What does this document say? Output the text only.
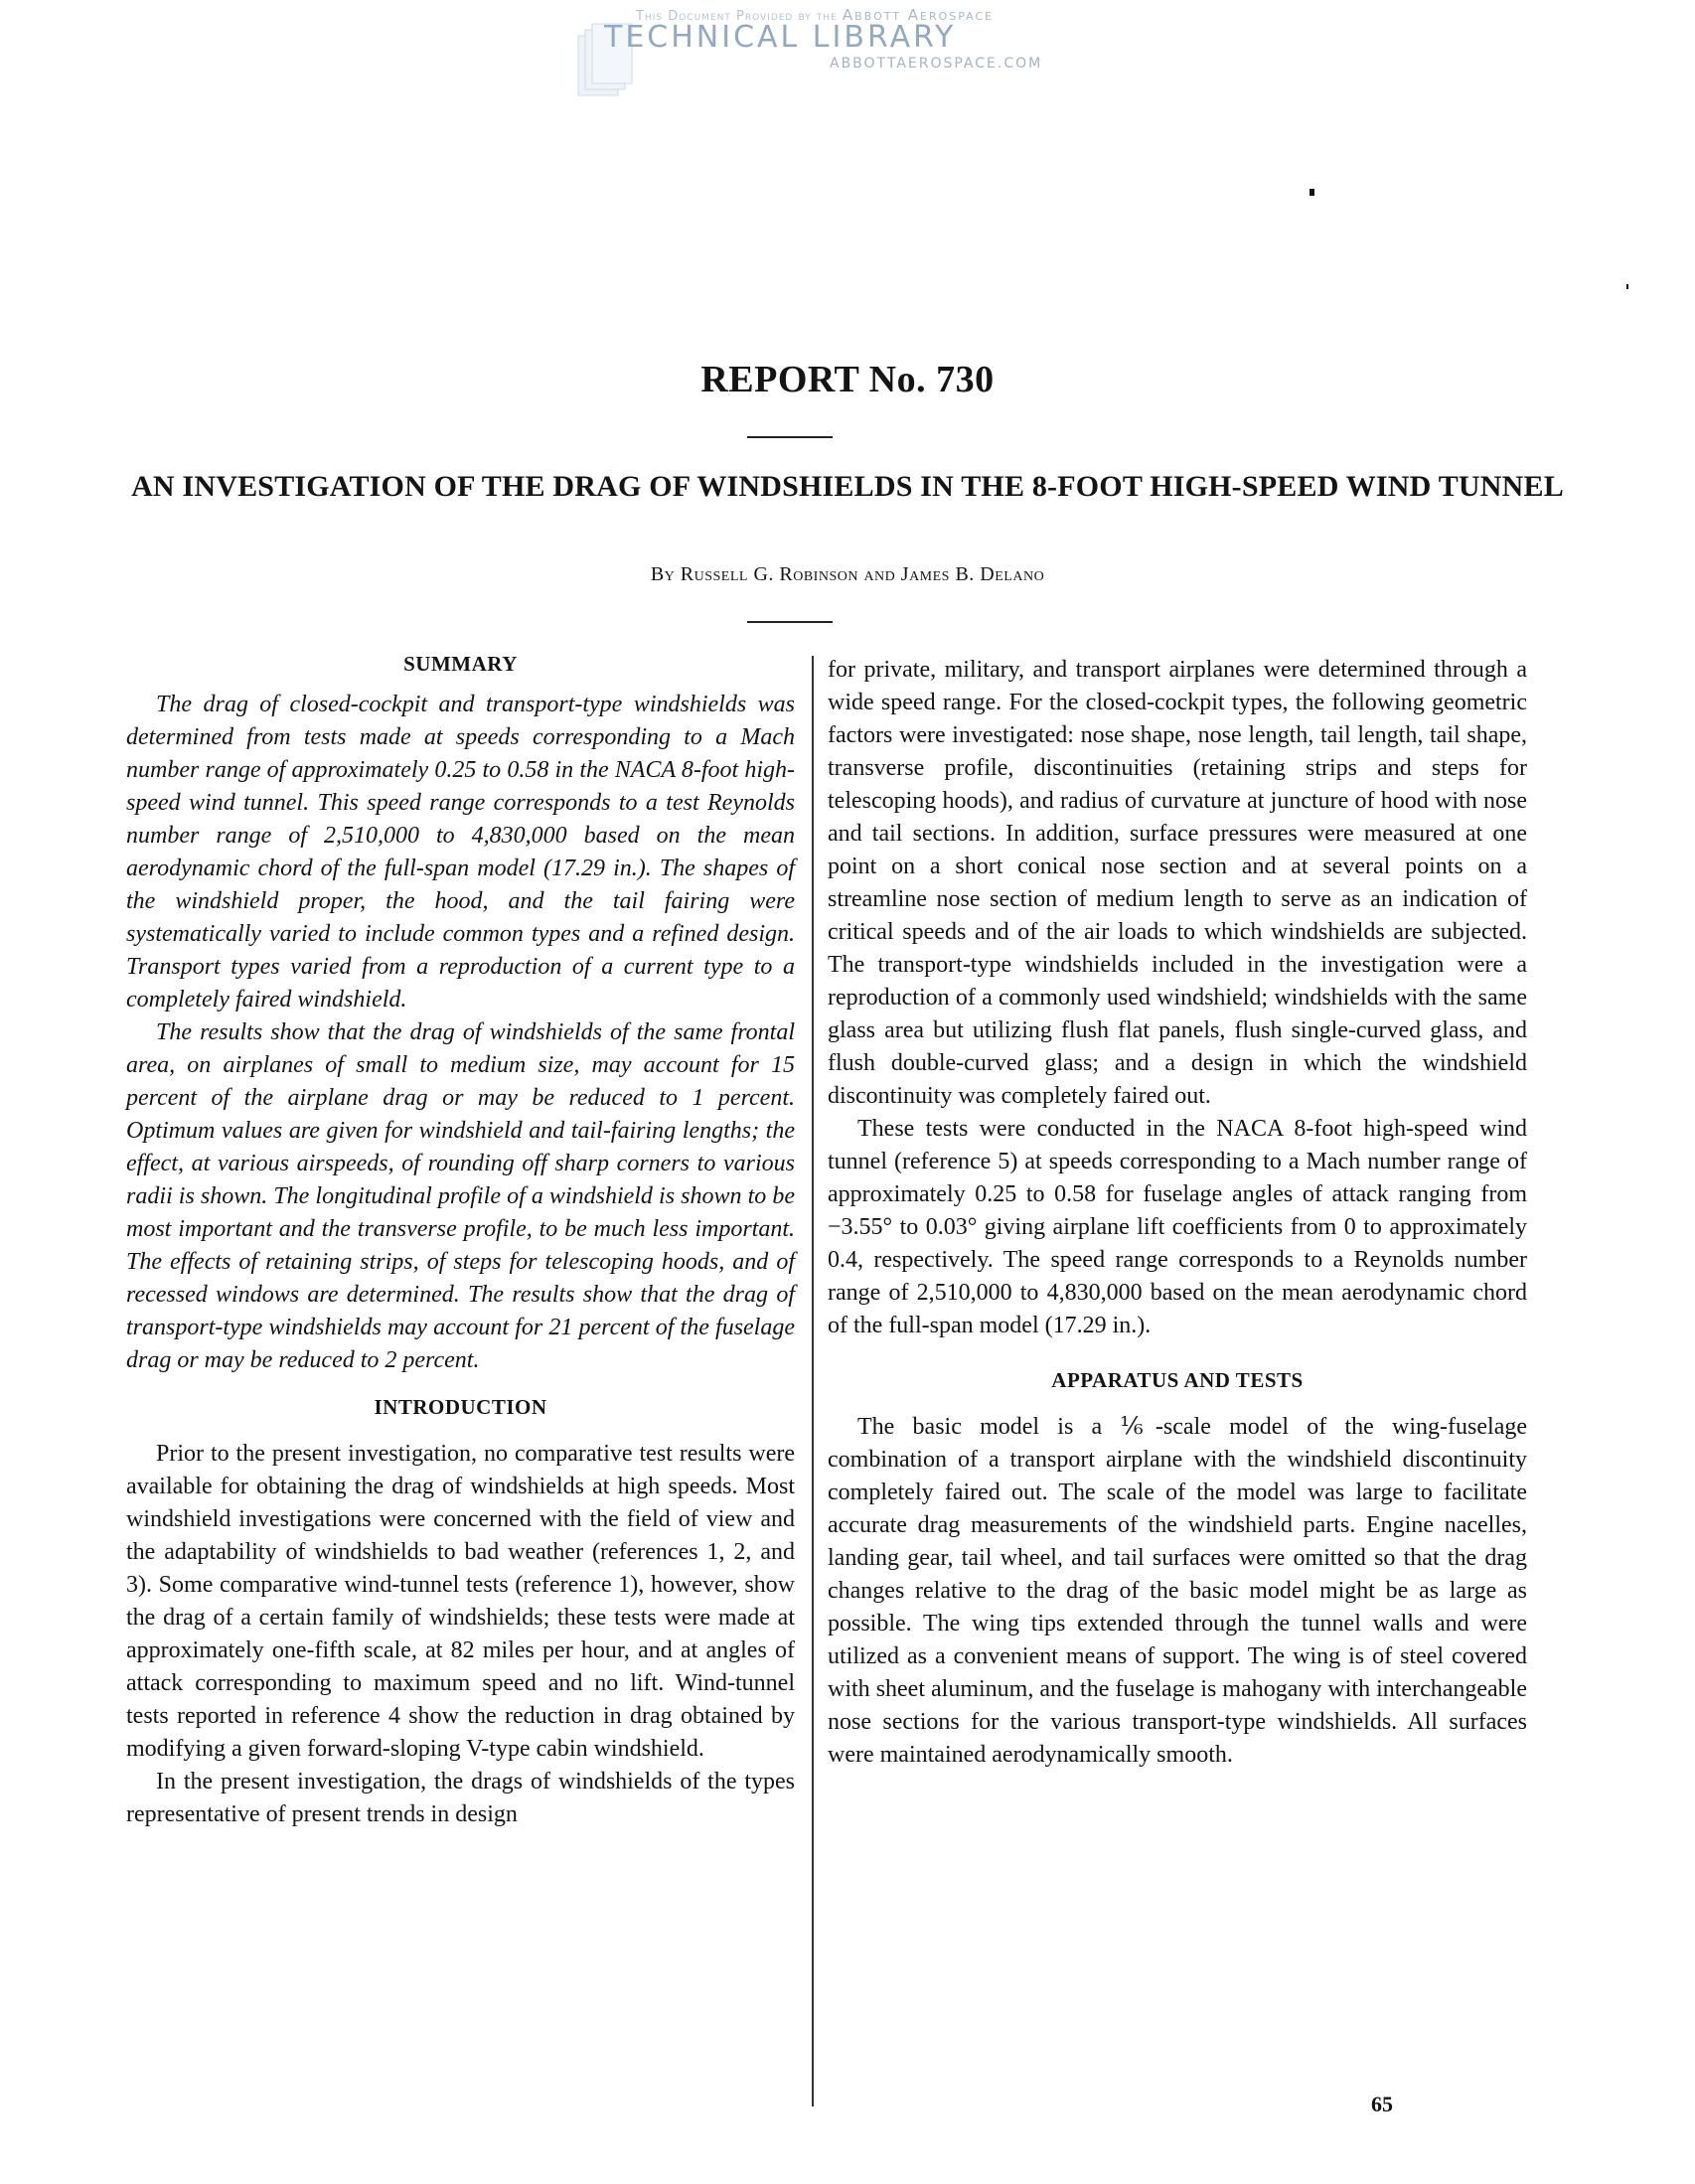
This Document Provided by the Abbott Aerospace
TECHNICAL LIBRARY
ABBOTTAEROSPACE.COM
REPORT No. 730
AN INVESTIGATION OF THE DRAG OF WINDSHIELDS IN THE 8-FOOT HIGH-SPEED WIND TUNNEL
By Russell G. Robinson and James B. Delano
SUMMARY

The drag of closed-cockpit and transport-type windshields was determined from tests made at speeds corresponding to a Mach number range of approximately 0.25 to 0.58 in the NACA 8-foot high-speed wind tunnel. This speed range corresponds to a test Reynolds number range of 2,510,000 to 4,830,000 based on the mean aerodynamic chord of the full-span model (17.29 in.). The shapes of the windshield proper, the hood, and the tail fairing were systematically varied to include common types and a refined design. Transport types varied from a reproduction of a current type to a completely faired windshield.

The results show that the drag of windshields of the same frontal area, on airplanes of small to medium size, may account for 15 percent of the airplane drag or may be reduced to 1 percent. Optimum values are given for windshield and tail-fairing lengths; the effect, at various airspeeds, of rounding off sharp corners to various radii is shown. The longitudinal profile of a windshield is shown to be most important and the transverse profile, to be much less important. The effects of retaining strips, of steps for telescoping hoods, and of recessed windows are determined. The results show that the drag of transport-type windshields may account for 21 percent of the fuselage drag or may be reduced to 2 percent.

INTRODUCTION

Prior to the present investigation, no comparative test results were available for obtaining the drag of windshields at high speeds. Most windshield investigations were concerned with the field of view and the adaptability of windshields to bad weather (references 1, 2, and 3). Some comparative wind-tunnel tests (reference 1), however, show the drag of a certain family of windshields; these tests were made at approximately one-fifth scale, at 82 miles per hour, and at angles of attack corresponding to maximum speed and no lift. Wind-tunnel tests reported in reference 4 show the reduction in drag obtained by modifying a given forward-sloping V-type cabin windshield.

In the present investigation, the drags of windshields of the types representative of present trends in design

for private, military, and transport airplanes were determined through a wide speed range. For the closed-cockpit types, the following geometric factors were investigated: nose shape, nose length, tail length, tail shape, transverse profile, discontinuities (retaining strips and steps for telescoping hoods), and radius of curvature at juncture of hood with nose and tail sections. In addition, surface pressures were measured at one point on a short conical nose section and at several points on a streamline nose section of medium length to serve as an indication of critical speeds and of the air loads to which windshields are subjected. The transport-type windshields included in the investigation were a reproduction of a commonly used windshield; windshields with the same glass area but utilizing flush flat panels, flush single-curved glass, and flush double-curved glass; and a design in which the windshield discontinuity was completely faired out.

These tests were conducted in the NACA 8-foot high-speed wind tunnel (reference 5) at speeds corresponding to a Mach number range of approximately 0.25 to 0.58 for fuselage angles of attack ranging from −3.55° to 0.03° giving airplane lift coefficients from 0 to approximately 0.4, respectively. The speed range corresponds to a Reynolds number range of 2,510,000 to 4,830,000 based on the mean aerodynamic chord of the full-span model (17.29 in.).

APPARATUS AND TESTS

The basic model is a ⅙-scale model of the wing-fuselage combination of a transport airplane with the windshield discontinuity completely faired out. The scale of the model was large to facilitate accurate drag measurements of the windshield parts. Engine nacelles, landing gear, tail wheel, and tail surfaces were omitted so that the drag changes relative to the drag of the basic model might be as large as possible. The wing tips extended through the tunnel walls and were utilized as a convenient means of support. The wing is of steel covered with sheet aluminum, and the fuselage is mahogany with interchangeable nose sections for the various transport-type windshields. All surfaces were maintained aerodynamically smooth.

65
